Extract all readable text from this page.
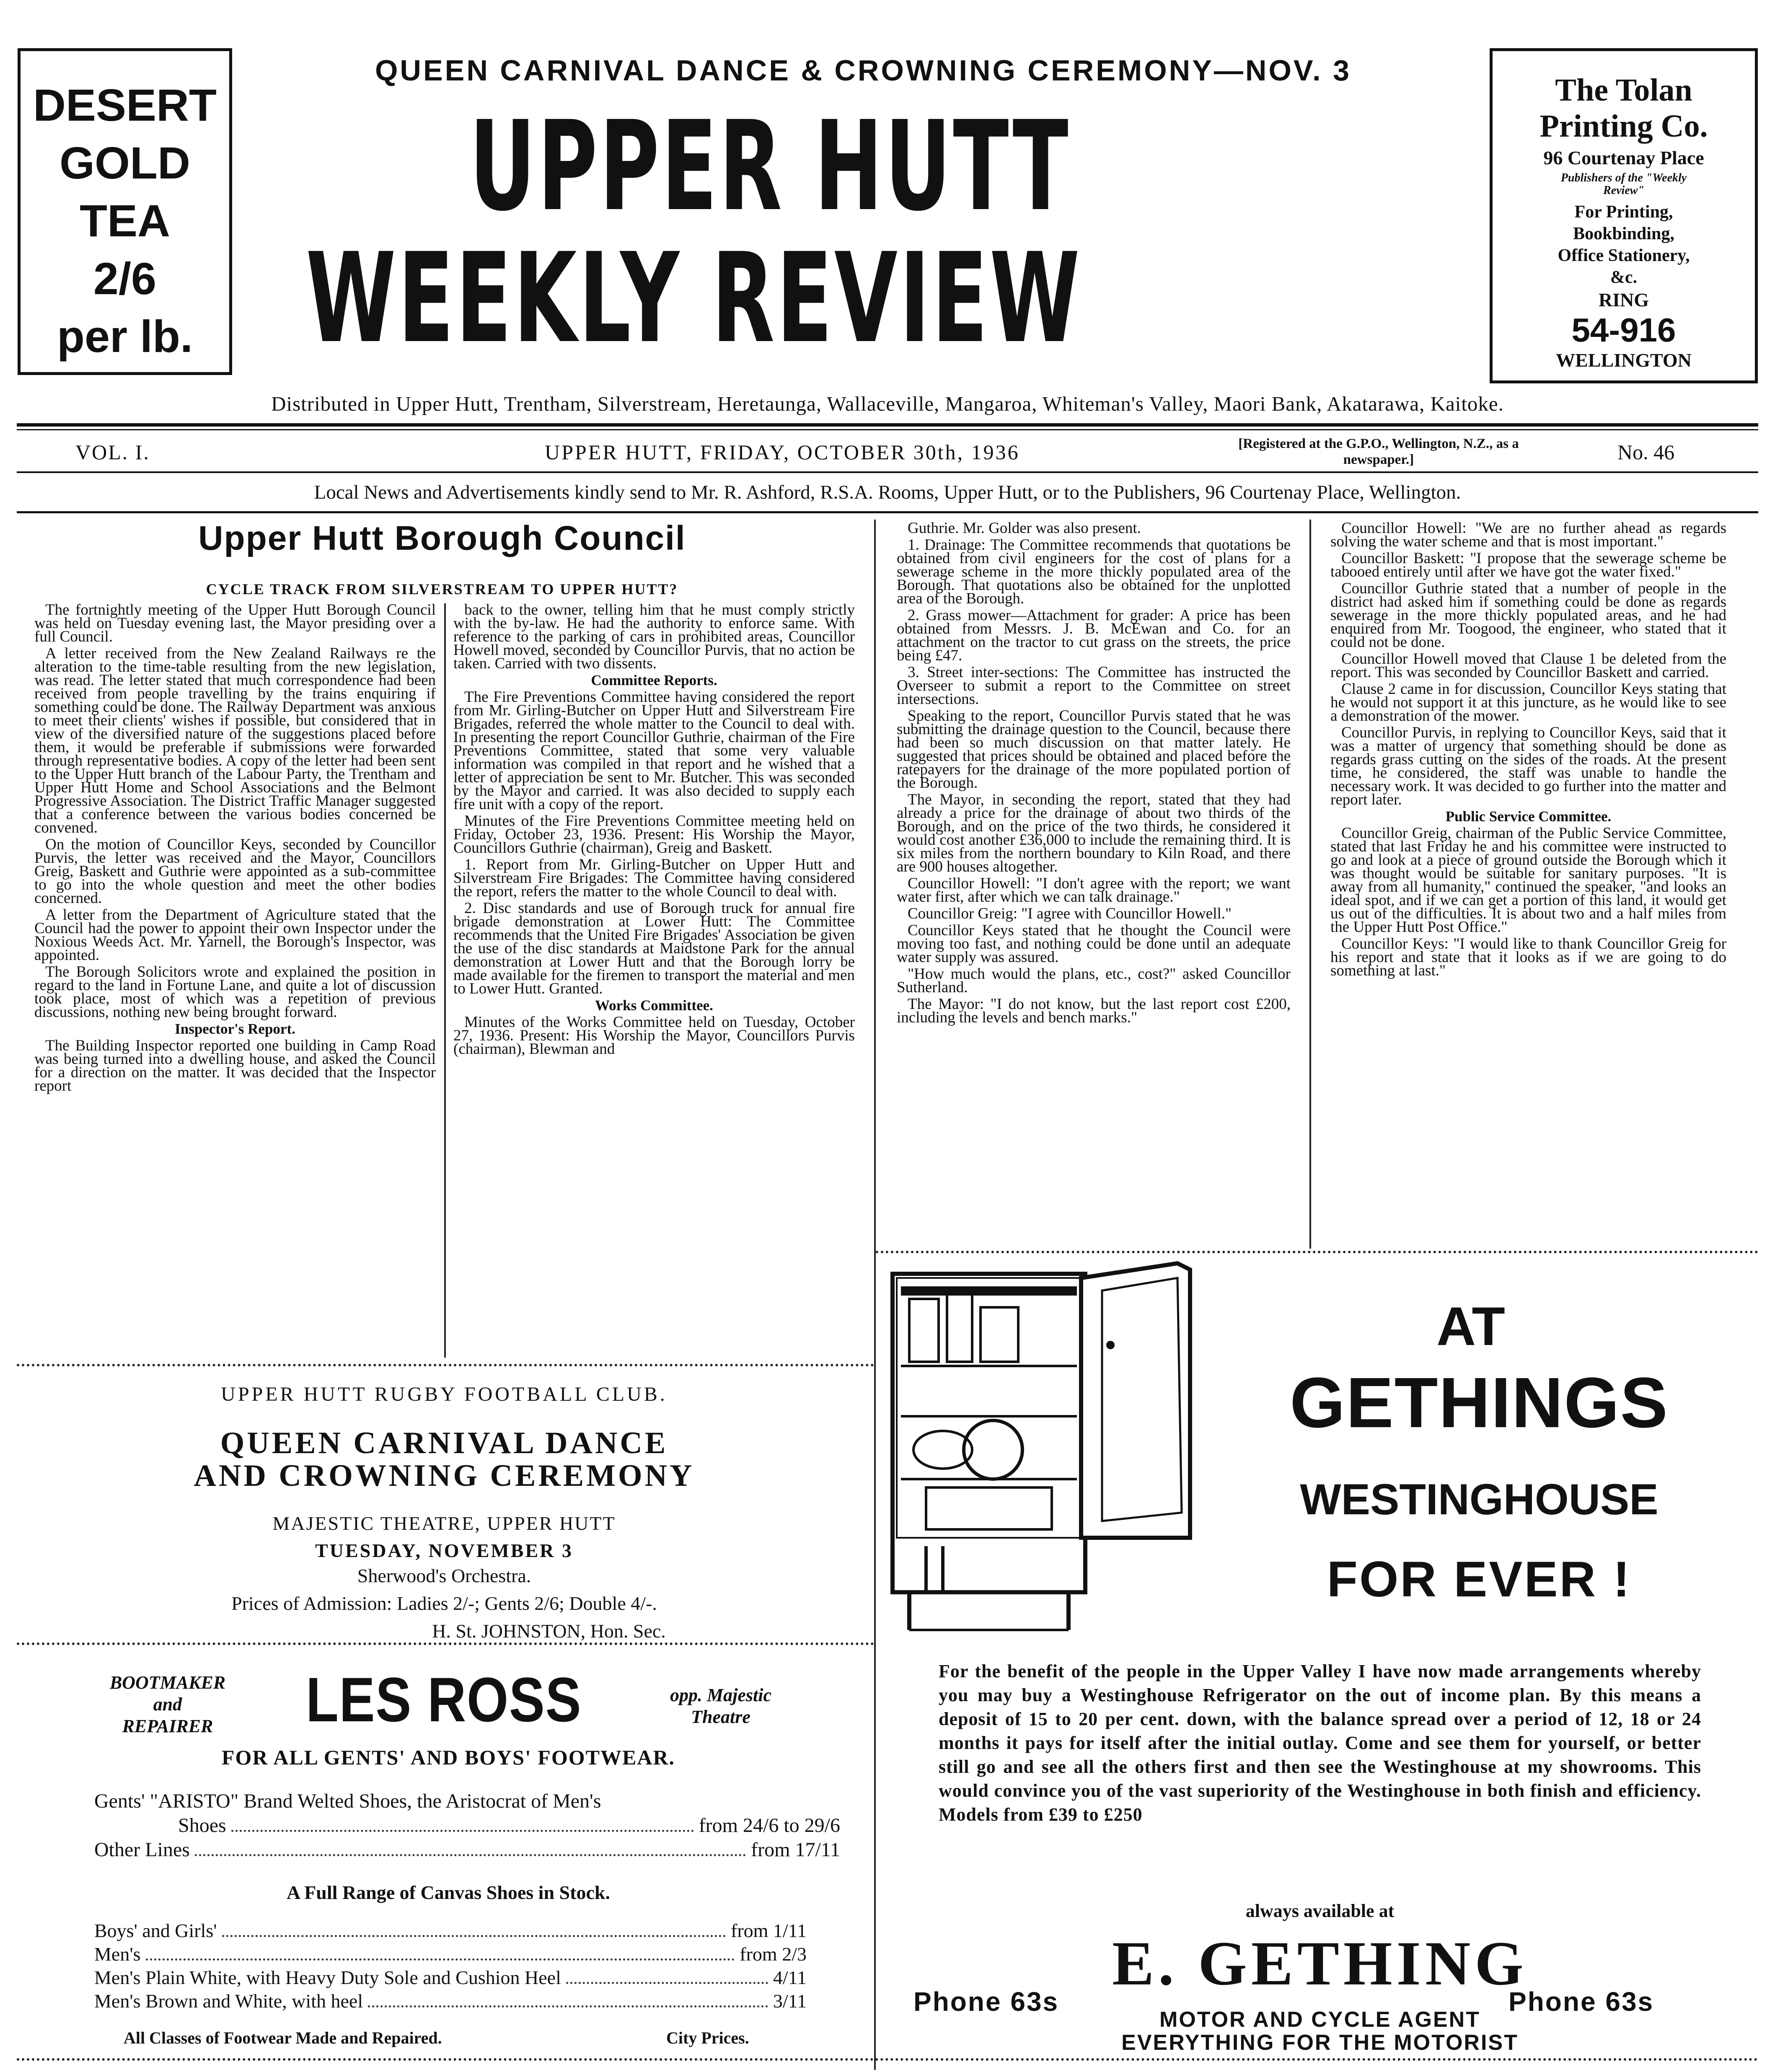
DESERT
GOLD
TEA
2/6
per lb.
QUEEN CARNIVAL DANCE & CROWNING CEREMONY—NOV. 3
UPPER HUTT
WEEKLY REVIEW
The Tolan
Printing Co.
96 Courtenay Place
Publishers of the "Weekly Review"
For Printing,
Bookbinding,
Office Stationery,
&c.
RING
54-916
WELLINGTON
Distributed in Upper Hutt, Trentham, Silverstream, Heretaunga, Wallaceville, Mangaroa, Whiteman's Valley, Maori Bank, Akatarawa, Kaitoke.
VOL. I.	UPPER HUTT, FRIDAY, OCTOBER 30th, 1936	[Registered at the G.P.O., Wellington, N.Z., as a newspaper.]	No. 46
Local News and Advertisements kindly send to Mr. R. Ashford, R.S.A. Rooms, Upper Hutt, or to the Publishers, 96 Courtenay Place, Wellington.
Upper Hutt Borough Council
CYCLE TRACK FROM SILVERSTREAM TO UPPER HUTT?

The fortnightly meeting of the Upper Hutt Borough Council was held on Tuesday evening last, the Mayor presiding over a full Council.

A letter received from the New Zealand Railways re the alteration to the time-table resulting from the new legislation, was read. The letter stated that much correspondence had been received from people travelling by the trains enquiring if something could be done. The Railway Department was anxious to meet their clients' wishes if possible, but considered that in view of the diversified nature of the suggestions placed before them, it would be preferable if submissions were forwarded through representative bodies. A copy of the letter had been sent to the Upper Hutt branch of the Labour Party, the Trentham and Upper Hutt Home and School Associations and the Belmont Progressive Association. The District Traffic Manager suggested that a conference between the various bodies concerned be convened.

On the motion of Councillor Keys, seconded by Councillor Purvis, the letter was received and the Mayor, Councillors Greig, Baskett and Guthrie were appointed as a sub-committee to go into the whole question and meet the other bodies concerned.

A letter from the Department of Agriculture stated that the Council had the power to appoint their own Inspector under the Noxious Weeds Act. Mr. Yarnell, the Borough's Inspector, was appointed.

The Borough Solicitors wrote and explained the position in regard to the land in Fortune Lane, and quite a lot of discussion took place, most of which was a repetition of previous discussions, nothing new being brought forward.

Inspector's Report.

The Building Inspector reported one building in Camp Road was being turned into a dwelling house, and asked the Council for a direction on the matter. It was decided that the Inspector report

back to the owner, telling him that he must comply strictly with the by-law. He had the authority to enforce same. With reference to the parking of cars in prohibited areas, Councillor Howell moved, seconded by Councillor Purvis, that no action be taken. Carried with two dissents.

Committee Reports.

The Fire Preventions Committee having considered the report from Mr. Girling-Butcher on Upper Hutt and Silverstream Fire Brigades, referred the whole matter to the Council to deal with. In presenting the report Councillor Guthrie, chairman of the Fire Preventions Committee, stated that some very valuable information was compiled in that report and he wished that a letter of appreciation be sent to Mr. Butcher. This was seconded by the Mayor and carried. It was also decided to supply each fire unit with a copy of the report.

Minutes of the Fire Preventions Committee meeting held on Friday, October 23, 1936. Present: His Worship the Mayor, Councillors Guthrie (chairman), Greig and Baskett.

1. Report from Mr. Girling-Butcher on Upper Hutt and Silverstream Fire Brigades: The Committee having considered the report, refers the matter to the whole Council to deal with.

2. Disc standards and use of Borough truck for annual fire brigade demonstration at Lower Hutt: The Committee recommends that the United Fire Brigades' Association be given the use of the disc standards at Maidstone Park for the annual demonstration at Lower Hutt and that the Borough lorry be made available for the firemen to transport the material and men to Lower Hutt. Granted.

Works Committee.

Minutes of the Works Committee held on Tuesday, October 27, 1936. Present: His Worship the Mayor, Councillors Purvis (chairman), Blewman and

Guthrie. Mr. Golder was also present.

1. Drainage: The Committee recommends that quotations be obtained from civil engineers for the cost of plans for a sewerage scheme in the more thickly populated area of the Borough. That quotations also be obtained for the unplotted area of the Borough.

2. Grass mower—Attachment for grader: A price has been obtained from Messrs. J. B. McEwan and Co. for an attachment on the tractor to cut grass on the streets, the price being £47.

3. Street inter-sections: The Committee has instructed the Overseer to submit a report to the Committee on street intersections.

Speaking to the report, Councillor Purvis stated that he was submitting the drainage question to the Council, because there had been so much discussion on that matter lately. He suggested that prices should be obtained and placed before the ratepayers for the drainage of the more populated portion of the Borough.

The Mayor, in seconding the report, stated that they had already a price for the drainage of about two thirds of the Borough, and on the price of the two thirds, he considered it would cost another £36,000 to include the remaining third. It is six miles from the northern boundary to Kiln Road, and there are 900 houses altogether.

Councillor Howell: "I don't agree with the report; we want water first, after which we can talk drainage."

Councillor Greig: "I agree with Councillor Howell."

Councillor Keys stated that he thought the Council were moving too fast, and nothing could be done until an adequate water supply was assured.

"How much would the plans, etc., cost?" asked Councillor Sutherland.

The Mayor: "I do not know, but the last report cost £200, including the levels and bench marks."

Councillor Howell: "We are no further ahead as regards solving the water scheme and that is most important."

Councillor Baskett: "I propose that the sewerage scheme be tabooed entirely until after we have got the water fixed."

Councillor Guthrie stated that a number of people in the district had asked him if something could be done as regards sewerage in the more thickly populated areas, and he had enquired from Mr. Toogood, the engineer, who stated that it could not be done.

Councillor Howell moved that Clause 1 be deleted from the report. This was seconded by Councillor Baskett and carried.

Clause 2 came in for discussion, Councillor Keys stating that he would not support it at this juncture, as he would like to see a demonstration of the mower.

Councillor Purvis, in replying to Councillor Keys, said that it was a matter of urgency that something should be done as regards grass cutting on the sides of the roads. At the present time, he considered, the staff was unable to handle the necessary work. It was decided to go further into the matter and report later.

Public Service Committee.

Councillor Greig, chairman of the Public Service Committee, stated that last Friday he and his committee were instructed to go and look at a piece of ground outside the Borough which it was thought would be suitable for sanitary purposes. "It is away from all humanity," continued the speaker, "and looks an ideal spot, and if we can get a portion of this land, it would get us out of the difficulties. It is about two and a half miles from the Upper Hutt Post Office."

Councillor Keys: "I would like to thank Councillor Greig for his report and state that it looks as if we are going to do something at last."

UPPER HUTT RUGBY FOOTBALL CLUB.
QUEEN CARNIVAL DANCE
AND CROWNING CEREMONY
MAJESTIC THEATRE, UPPER HUTT
TUESDAY, NOVEMBER 3
Sherwood's Orchestra.
Prices of Admission: Ladies 2/-; Gents 2/6; Double 4/-.
H. St. JOHNSTON, Hon. Sec.
BOOTMAKER
and
REPAIRER	LES ROSS	opp. Majestic
Theatre
FOR ALL GENTS' AND BOYS' FOOTWEAR.
Gents' "ARISTO" Brand Welted Shoes, the Aristocrat of Men's
Shoes	from 24/6 to 29/6
Other Lines	from 17/11
A Full Range of Canvas Shoes in Stock.
Boys' and Girls'	from 1/11
Men's	from 2/3
Men's Plain White, with Heavy Duty Sole and Cushion Heel	4/11
Men's Brown and White, with heel	3/11
All Classes of Footwear Made and Repaired.	City Prices.
AT
GETHINGS
WESTINGHOUSE
FOR EVER !
For the benefit of the people in the Upper Valley I have now made arrangements whereby you may buy a Westinghouse Refrigerator on the out of income plan. By this means a deposit of 15 to 20 per cent. down, with the balance spread over a period of 12, 18 or 24 months it pays for itself after the initial outlay. Come and see them for yourself, or better still go and see all the others first and then see the Westinghouse at my showrooms. This would convince you of the vast superiority of the Westinghouse in both finish and efficiency. Models from £39 to £250
always available at
E. GETHING
MOTOR AND CYCLE AGENT
EVERYTHING FOR THE MOTORIST
Phone 63s	Phone 63s
